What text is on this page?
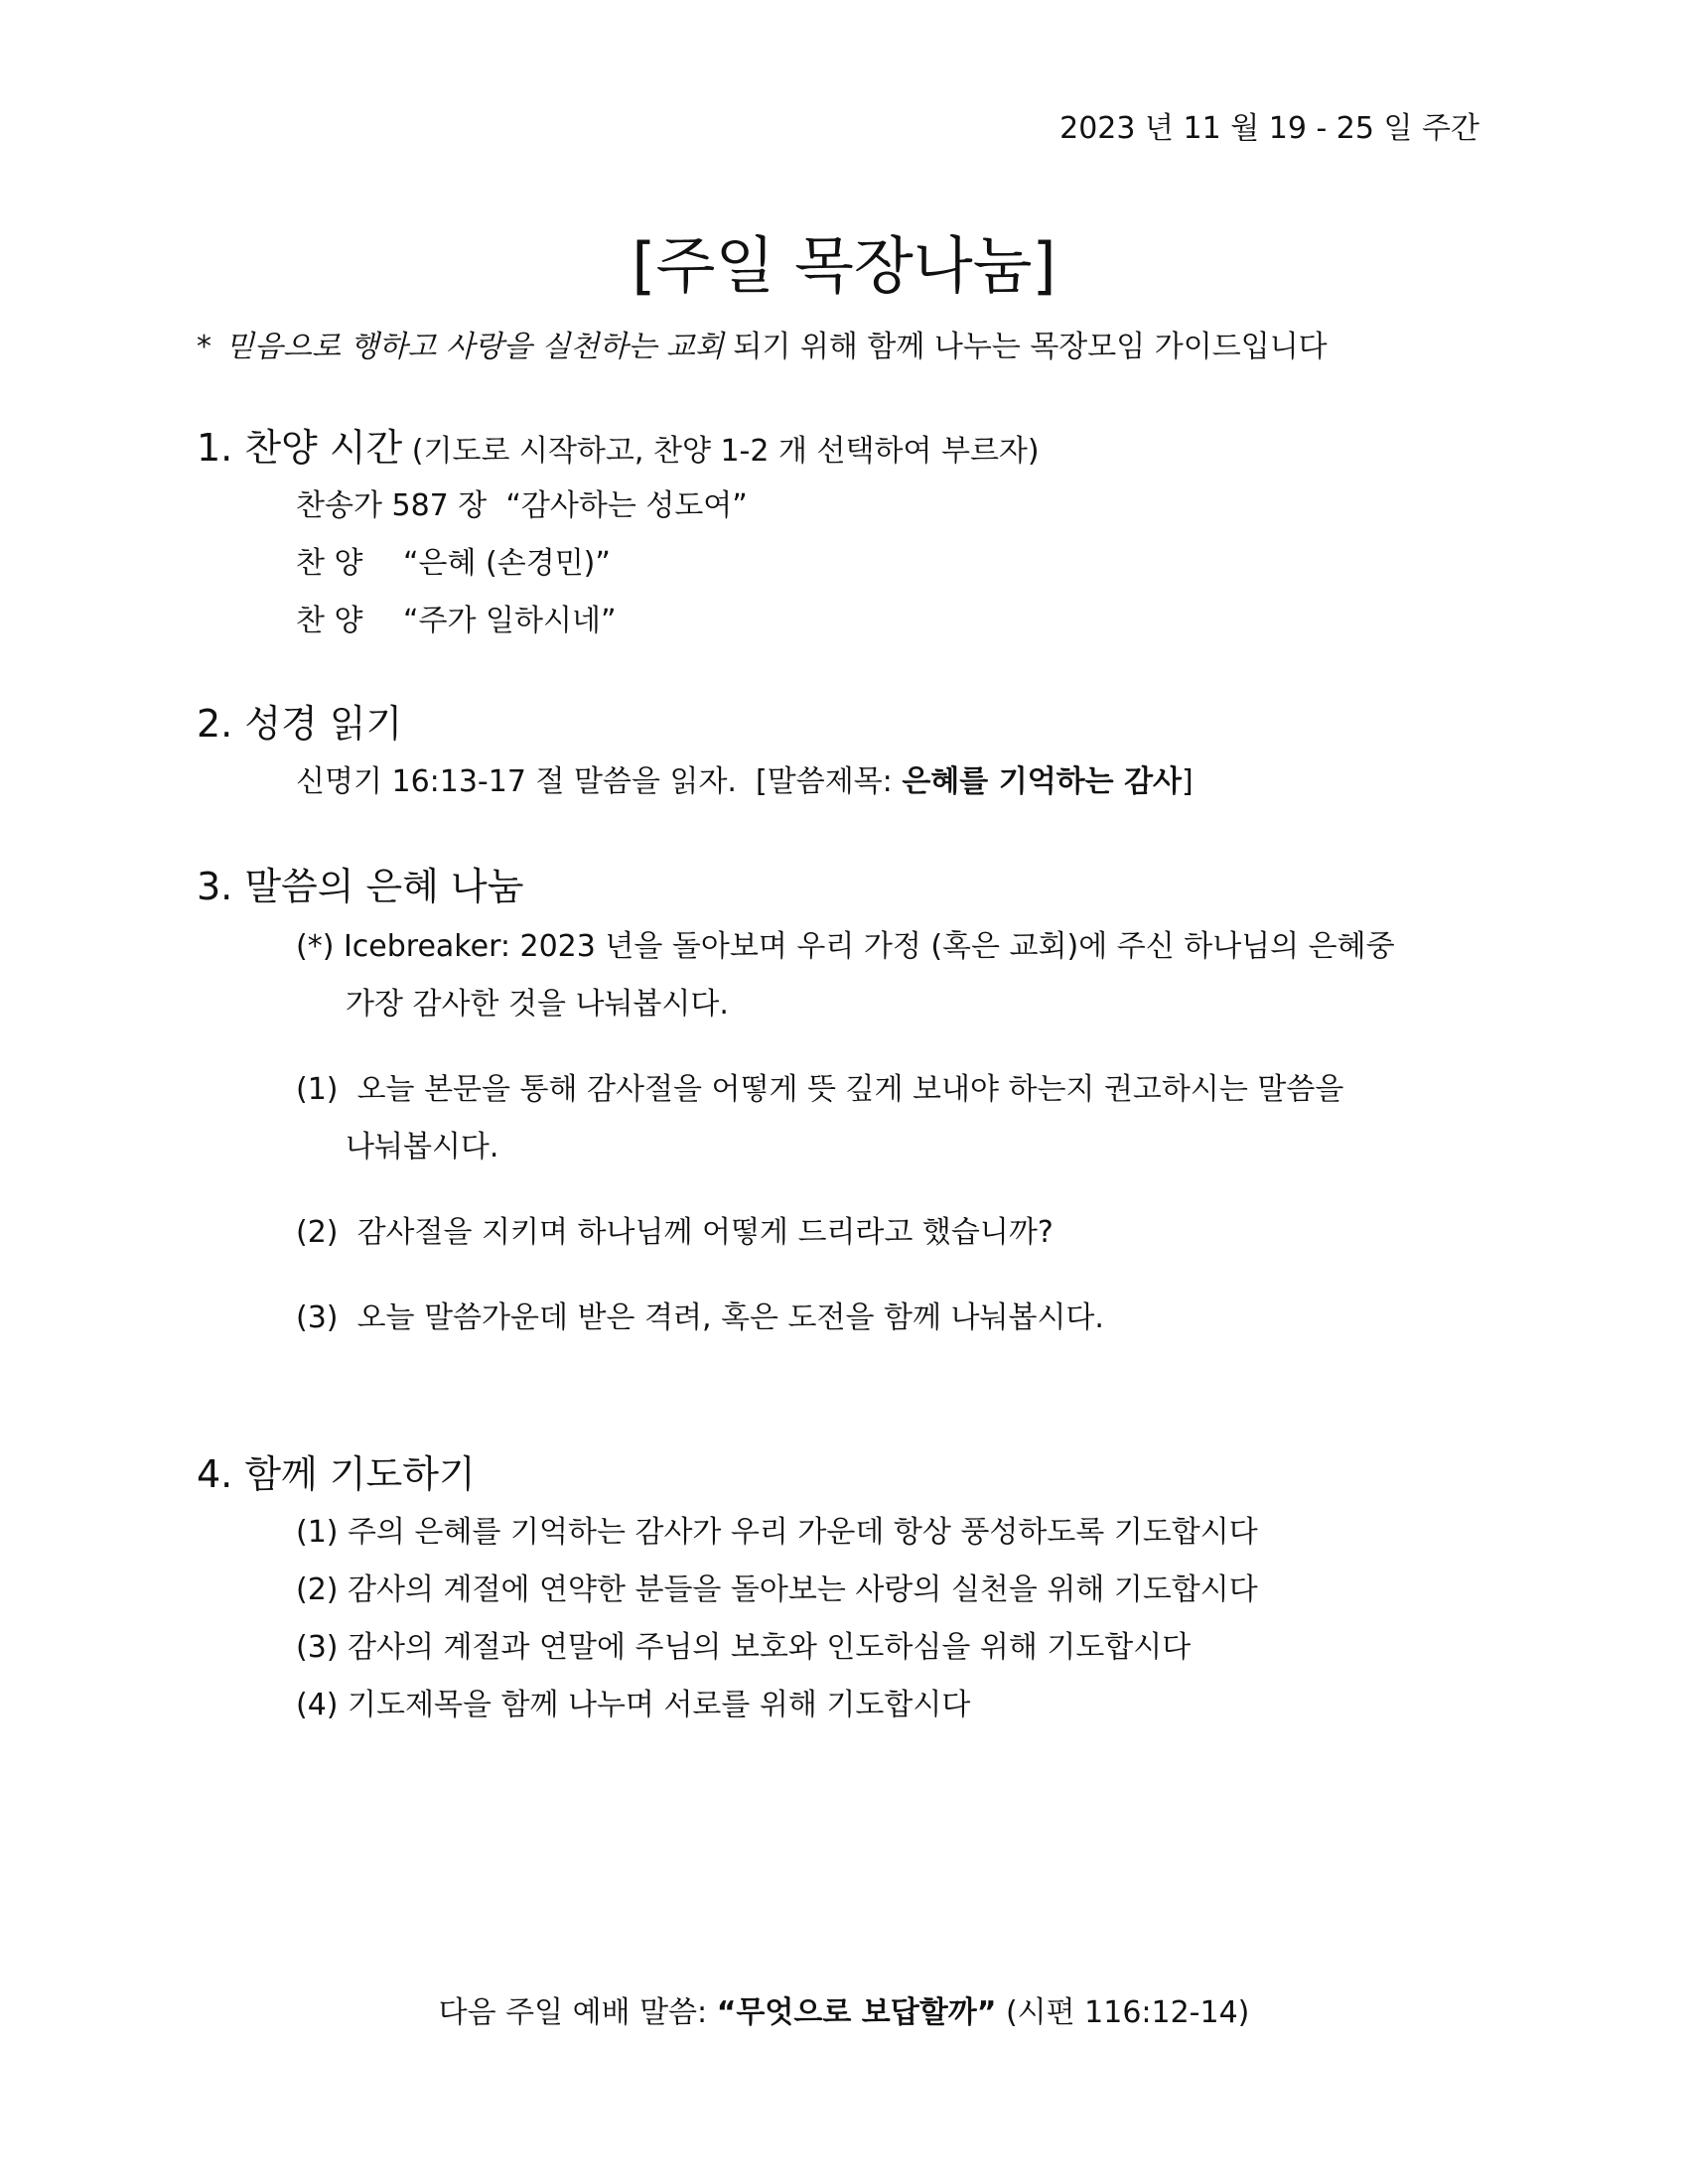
2023 년 11 월 19 - 25 일 주간
[주일 목장나눔]
* 믿음으로 행하고 사랑을 실천하는 교회 되기 위해 함께 나누는 목장모임 가이드입니다
1. 찬양 시간 (기도로 시작하고, 찬양 1-2 개 선택하여 부르자)
찬송가 587 장 “감사하는 성도여”
찬 양 “은혜 (손경민)”
찬 양 “주가 일하시네”
2. 성경 읽기
신명기 16:13-17 절 말씀을 읽자. [말씀제목: 은혜를 기억하는 감사]
3. 말씀의 은혜 나눔
(*) Icebreaker: 2023 년을 돌아보며 우리 가정 (혹은 교회)에 주신 하나님의 은혜중
가장 감사한 것을 나눠봅시다.
(1) 오늘 본문을 통해 감사절을 어떻게 뜻 깊게 보내야 하는지 권고하시는 말씀을
나눠봅시다.
(2) 감사절을 지키며 하나님께 어떻게 드리라고 했습니까?
(3) 오늘 말씀가운데 받은 격려, 혹은 도전을 함께 나눠봅시다.
4. 함께 기도하기
(1) 주의 은혜를 기억하는 감사가 우리 가운데 항상 풍성하도록 기도합시다
(2) 감사의 계절에 연약한 분들을 돌아보는 사랑의 실천을 위해 기도합시다
(3) 감사의 계절과 연말에 주님의 보호와 인도하심을 위해 기도합시다
(4) 기도제목을 함께 나누며 서로를 위해 기도합시다
다음 주일 예배 말씀: “무엇으로 보답할까” (시편 116:12-14)
